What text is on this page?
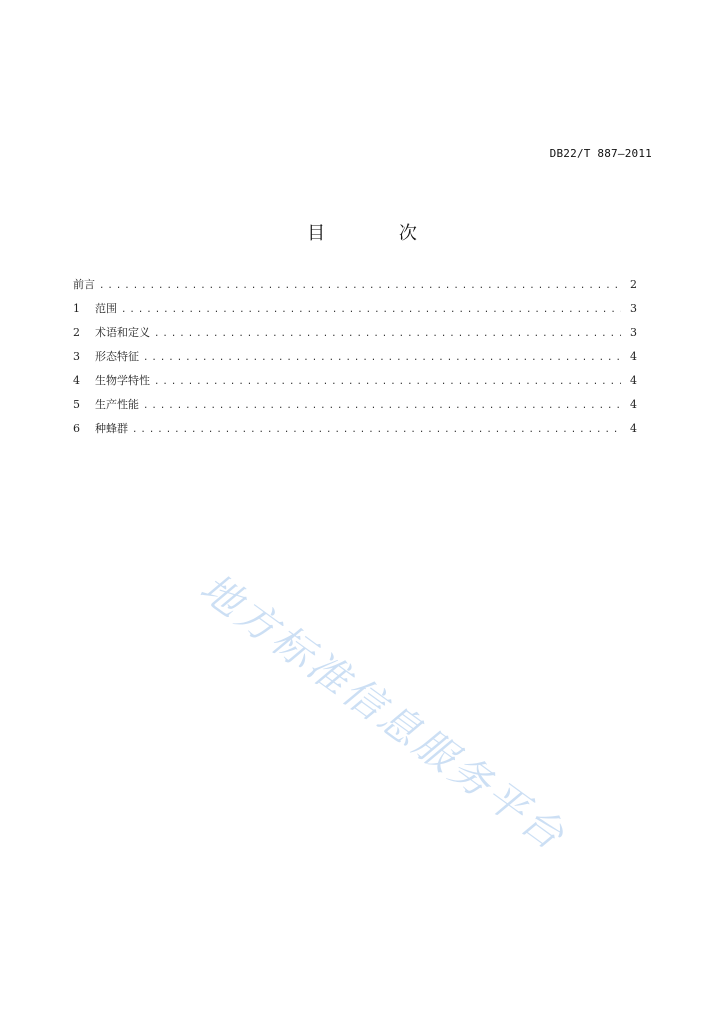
DB22/T 887—2011
目 次
前言 . . .	2
1	范围 . . .	3
2	术语和定义 . . .	3
3	形态特征 . . .	4
4	生物学特性 . . .	4
5	生产性能 . . .	4
6	种蜂群 . . .	4
地方标准信息服务平台
